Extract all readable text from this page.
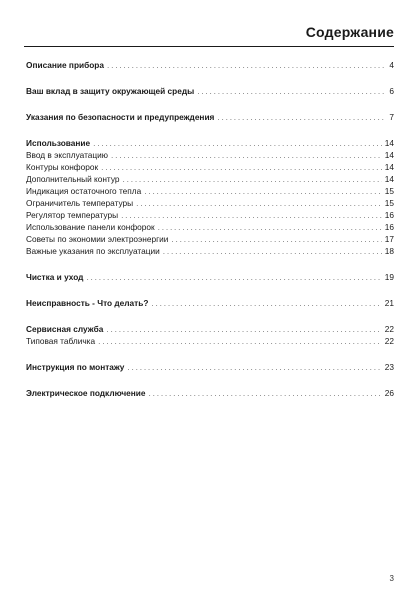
Содержание
Описание прибора .....	4
Ваш вклад в защиту окружающей среды .....	6
Указания по безопасности и предупреждения .....	7
Использование .....	14
Ввод в эксплуатацию .....	14
Контуры конфорок .....	14
Дополнительный контур .....	14
Индикация остаточного тепла .....	15
Ограничитель температуры .....	15
Регулятор температуры .....	16
Использование панели конфорок .....	16
Советы по экономии электроэнергии .....	17
Важные указания по эксплуатации .....	18
Чистка и уход .....	19
Неисправность - Что делать? .....	21
Сервисная служба .....	22
Типовая табличка .....	22
Инструкция по монтажу .....	23
Электрическое подключение .....	26
3
